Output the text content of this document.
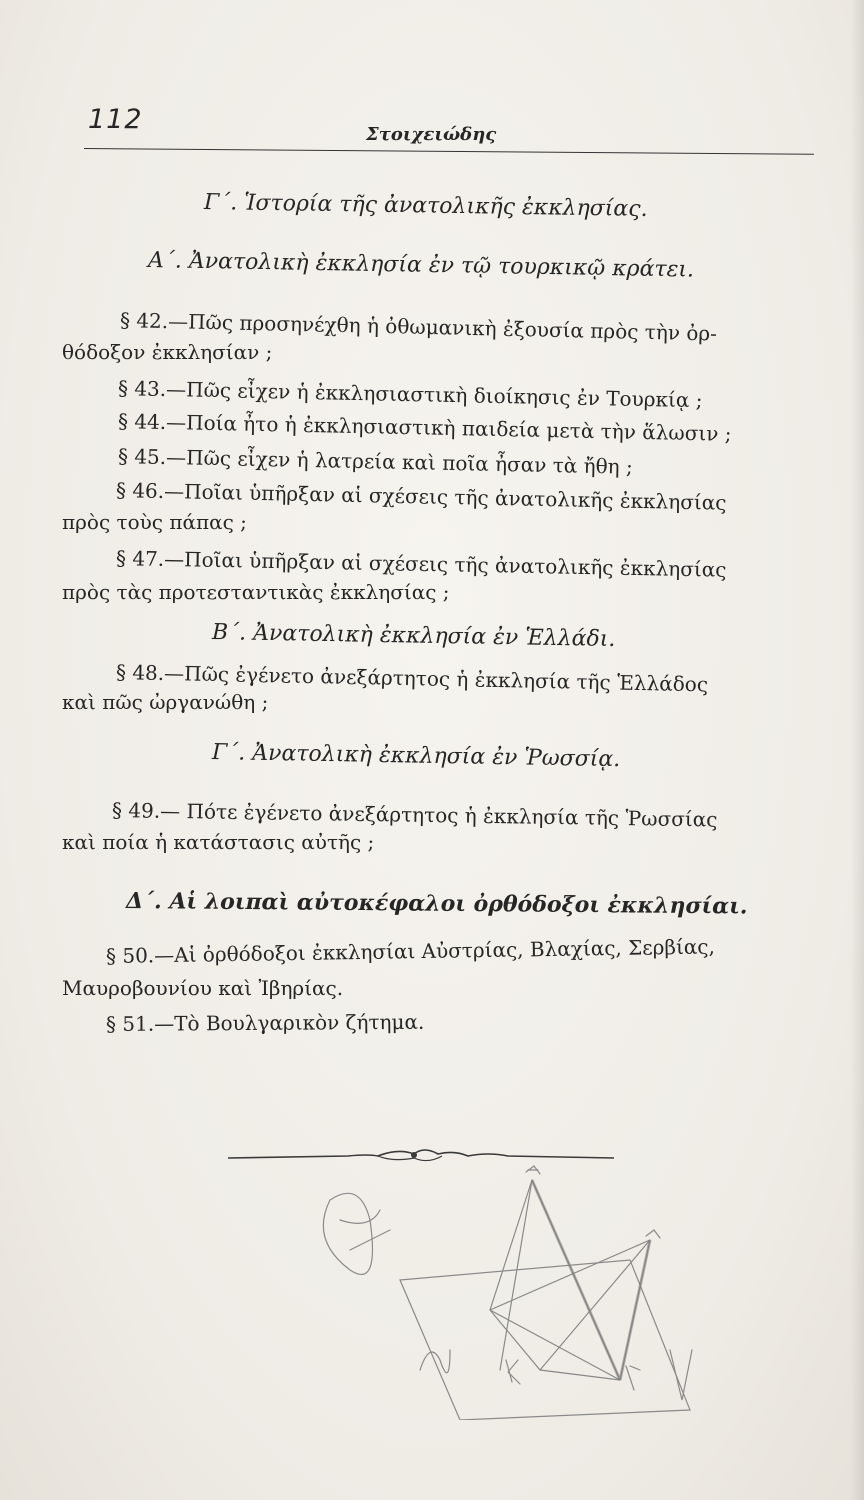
112	Στοιχειώδης
Γ΄. Ἱστορία τῆς ἀνατολικῆς ἐκκλησίας.
Α΄. Ἀνατολικὴ ἐκκλησία ἐν τῷ τουρκικῷ κράτει.
§ 42.—Πῶς προσηνέχθη ἡ ὀθωμανικὴ ἐξουσία πρὸς τὴν ὀρ-
θόδοξον ἐκκλησίαν ;
§ 43.—Πῶς εἶχεν ἡ ἐκκλησιαστικὴ διοίκησις ἐν Τουρκίᾳ ;
§ 44.—Ποία ἦτο ἡ ἐκκλησιαστικὴ παιδεία μετὰ τὴν ἅλωσιν ;
§ 45.—Πῶς εἶχεν ἡ λατρεία καὶ ποῖα ἦσαν τὰ ἤθη ;
§ 46.—Ποῖαι ὑπῆρξαν αἱ σχέσεις τῆς ἀνατολικῆς ἐκκλησίας
πρὸς τοὺς πάπας ;
§ 47.—Ποῖαι ὑπῆρξαν αἱ σχέσεις τῆς ἀνατολικῆς ἐκκλησίας
πρὸς τὰς προτεσταντικὰς ἐκκλησίας ;
Β΄. Ἀνατολικὴ ἐκκλησία ἐν Ἑλλάδι.
§ 48.—Πῶς ἐγένετο ἀνεξάρτητος ἡ ἐκκλησία τῆς Ἑλλάδος
καὶ πῶς ὠργανώθη ;
Γ΄. Ἀνατολικὴ ἐκκλησία ἐν Ῥωσσίᾳ.
§ 49.— Πότε ἐγένετο ἀνεξάρτητος ἡ ἐκκλησία τῆς Ῥωσσίας
καὶ ποία ἡ κατάστασις αὐτῆς ;
Δ΄. Αἱ λοιπαὶ αὐτοκέφαλοι ὀρθόδοξοι ἐκκλησίαι.
§ 50.—Αἱ ὀρθόδοξοι ἐκκλησίαι Αὐστρίας, Βλαχίας, Σερβίας,
Μαυροβουνίου καὶ Ἰβηρίας.
§ 51.—Τὸ Βουλγαρικὸν ζήτημα.
